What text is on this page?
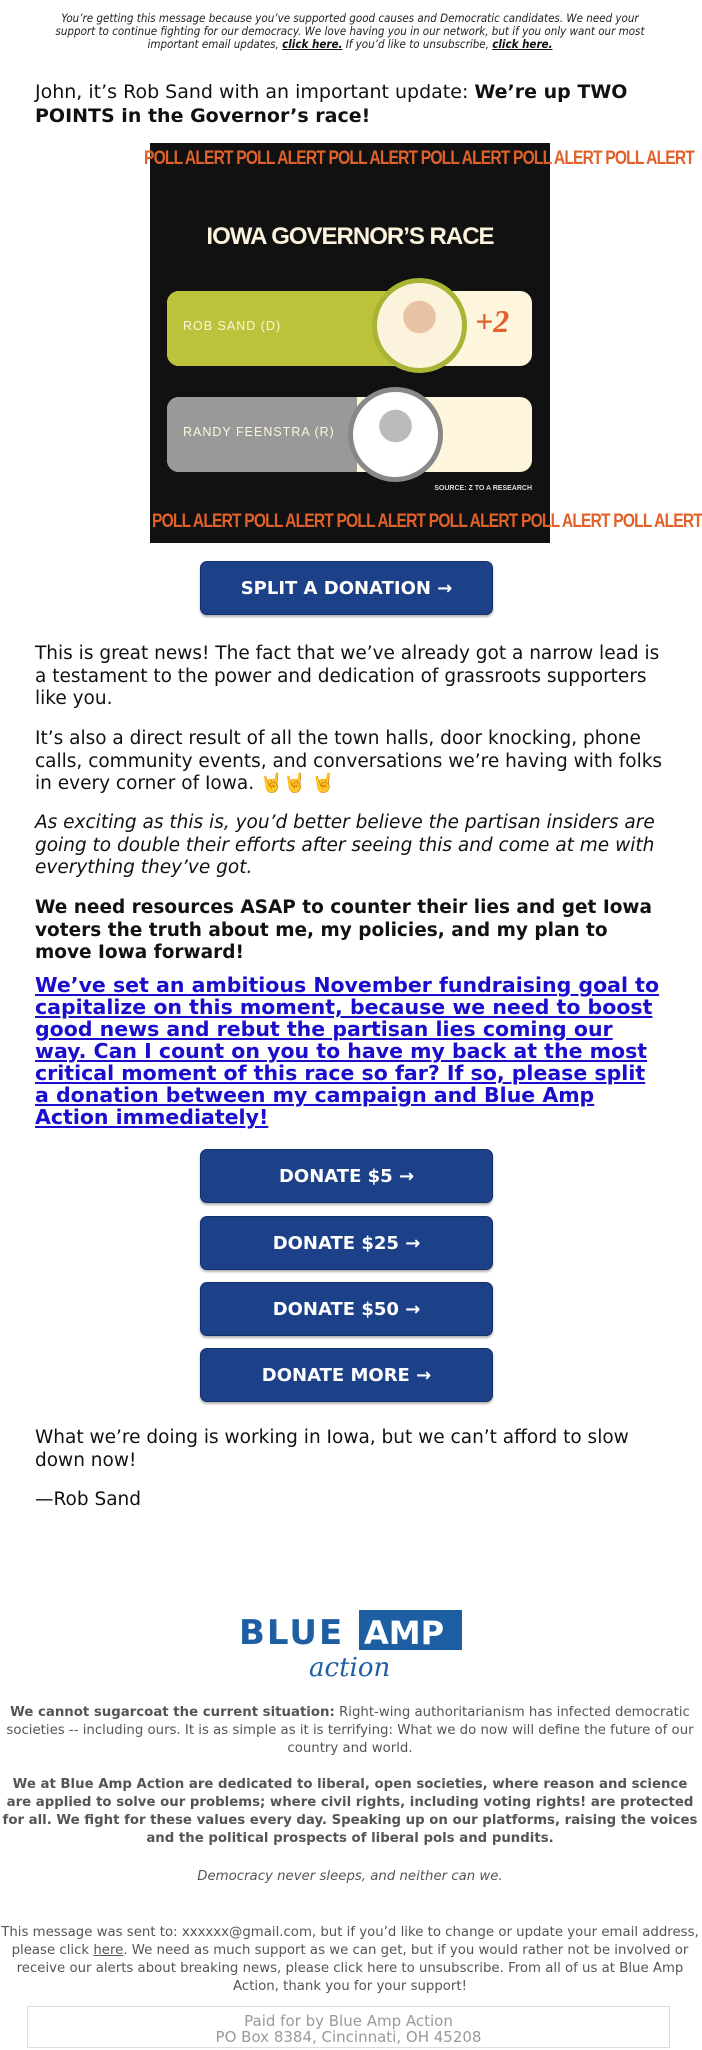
You’re getting this message because you’ve supported good causes and Democratic candidates. We need your support to continue fighting for our democracy. We love having you in our network, but if you only want our most important email updates, click here. If you’d like to unsubscribe, click here.
John, it’s Rob Sand with an important update: We’re up TWO POINTS in the Governor’s race!
POLL ALERT POLL ALERT POLL ALERT POLL ALERT POLL ALERT POLL ALERT
IOWA GOVERNOR’S RACE
ROB SAND (D)	+2
RANDY FEENSTRA (R)
SOURCE: Z TO A RESEARCH
POLL ALERT POLL ALERT POLL ALERT POLL ALERT POLL ALERT POLL ALERT
SPLIT A DONATION →
This is great news! The fact that we’ve already got a narrow lead is a testament to the power and dedication of grassroots supporters like you.
It’s also a direct result of all the town halls, door knocking, phone calls, community events, and conversations we’re having with folks in every corner of Iowa. 🤘🤘 🤘
As exciting as this is, you’d better believe the partisan insiders are going to double their efforts after seeing this and come at me with everything they’ve got.
We need resources ASAP to counter their lies and get Iowa voters the truth about me, my policies, and my plan to move Iowa forward!
We’ve set an ambitious November fundraising goal to capitalize on this moment, because we need to boost good news and rebut the partisan lies coming our way. Can I count on you to have my back at the most critical moment of this race so far? If so, please split a donation between my campaign and Blue Amp Action immediately!
DONATE $5 →
DONATE $25 →
DONATE $50 →
DONATE MORE →
What we’re doing is working in Iowa, but we can’t afford to slow down now!
—Rob Sand
BLUE AMP
action
We cannot sugarcoat the current situation: Right-wing authoritarianism has infected democratic societies -- including ours. It is as simple as it is terrifying: What we do now will define the future of our country and world.
We at Blue Amp Action are dedicated to liberal, open societies, where reason and science are applied to solve our problems; where civil rights, including voting rights! are protected for all. We fight for these values every day. Speaking up on our platforms, raising the voices and the political prospects of liberal pols and pundits.
Democracy never sleeps, and neither can we.
This message was sent to: xxxxxx@gmail.com, but if you’d like to change or update your email address, please click here. We need as much support as we can get, but if you would rather not be involved or receive our alerts about breaking news, please click here to unsubscribe. From all of us at Blue Amp Action, thank you for your support!
Paid for by Blue Amp Action
PO Box 8384, Cincinnati, OH 45208
